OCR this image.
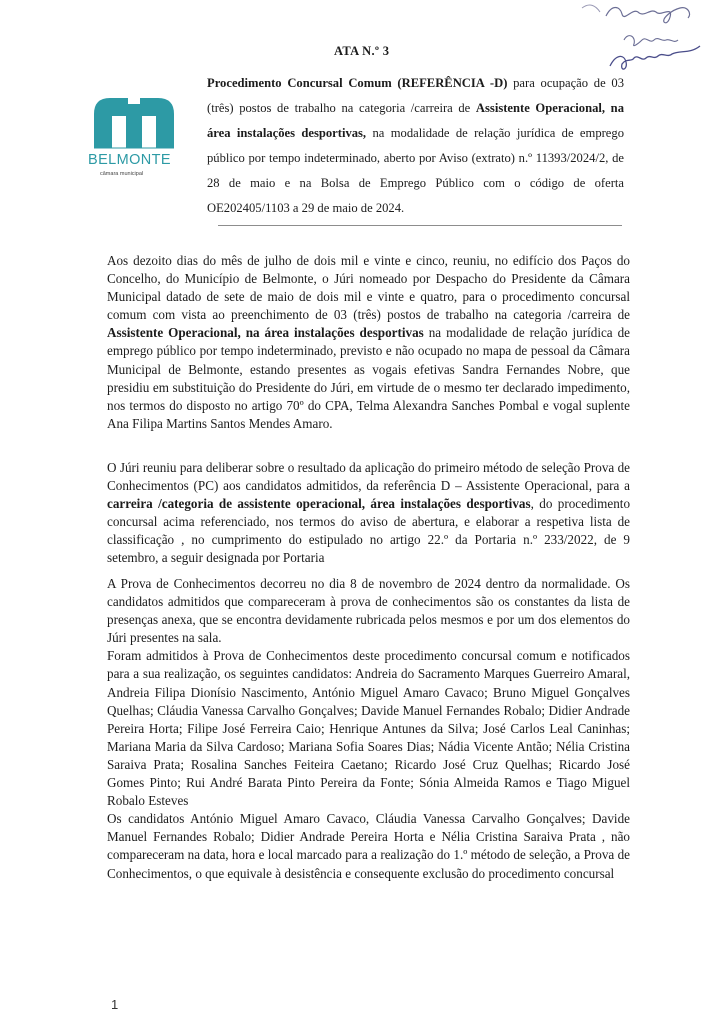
ATA N.º 3
BELMONTE
câmara municipal
Procedimento Concursal Comum (REFERÊNCIA -D) para ocupação de 03 (três) postos de trabalho na categoria /carreira de Assistente Operacional, na área instalações desportivas, na modalidade de relação jurídica de emprego público por tempo indeterminado, aberto por Aviso (extrato) n.º 11393/2024/2, de 28 de maio e na Bolsa de Emprego Público com o código de oferta OE202405/1103 a 29 de maio de 2024.

Aos dezoito dias do mês de julho de dois mil e vinte e cinco, reuniu, no edifício dos Paços do Concelho, do Município de Belmonte, o Júri nomeado por Despacho do Presidente da Câmara Municipal datado de sete de maio de dois mil e vinte e quatro, para o procedimento concursal comum com vista ao preenchimento de 03 (três) postos de trabalho na categoria /carreira de Assistente Operacional, na área instalações desportivas na modalidade de relação jurídica de emprego público por tempo indeterminado, previsto e não ocupado no mapa de pessoal da Câmara Municipal de Belmonte, estando presentes as vogais efetivas Sandra Fernandes Nobre, que presidiu em substituição do Presidente do Júri, em virtude de o mesmo ter declarado impedimento, nos termos do disposto no artigo 70º do CPA, Telma Alexandra Sanches Pombal e vogal suplente Ana Filipa Martins Santos Mendes Amaro.

O Júri reuniu para deliberar sobre o resultado da aplicação do primeiro método de seleção Prova de Conhecimentos (PC) aos candidatos admitidos, da referência D – Assistente Operacional, para a carreira /categoria de assistente operacional, área instalações desportivas, do procedimento concursal acima referenciado, nos termos do aviso de abertura, e elaborar a respetiva lista de classificação , no cumprimento do estipulado no artigo 22.º da Portaria n.º 233/2022, de 9 setembro, a seguir designada por Portaria

A Prova de Conhecimentos decorreu no dia 8 de novembro de 2024 dentro da normalidade. Os candidatos admitidos que compareceram à prova de conhecimentos são os constantes da lista de presenças anexa, que se encontra devidamente rubricada pelos mesmos e por um dos elementos do Júri presentes na sala.

Foram admitidos à Prova de Conhecimentos deste procedimento concursal comum e notificados para a sua realização, os seguintes candidatos: Andreia do Sacramento Marques Guerreiro Amaral, Andreia Filipa Dionísio Nascimento, António Miguel Amaro Cavaco; Bruno Miguel Gonçalves Quelhas; Cláudia Vanessa Carvalho Gonçalves; Davide Manuel Fernandes Robalo; Didier Andrade Pereira Horta; Filipe José Ferreira Caio; Henrique Antunes da Silva; José Carlos Leal Caninhas; Mariana Maria da Silva Cardoso; Mariana Sofia Soares Dias; Nádia Vicente Antão; Nélia Cristina Saraiva Prata; Rosalina Sanches Feiteira Caetano; Ricardo José Cruz Quelhas; Ricardo José Gomes Pinto; Rui André Barata Pinto Pereira da Fonte; Sónia Almeida Ramos e Tiago Miguel Robalo Esteves

Os candidatos António Miguel Amaro Cavaco, Cláudia Vanessa Carvalho Gonçalves; Davide Manuel Fernandes Robalo; Didier Andrade Pereira Horta e Nélia Cristina Saraiva Prata , não compareceram na data, hora e local marcado para a realização do 1.º método de seleção, a Prova de Conhecimentos, o que equivale à desistência e consequente exclusão do procedimento concursal

1
